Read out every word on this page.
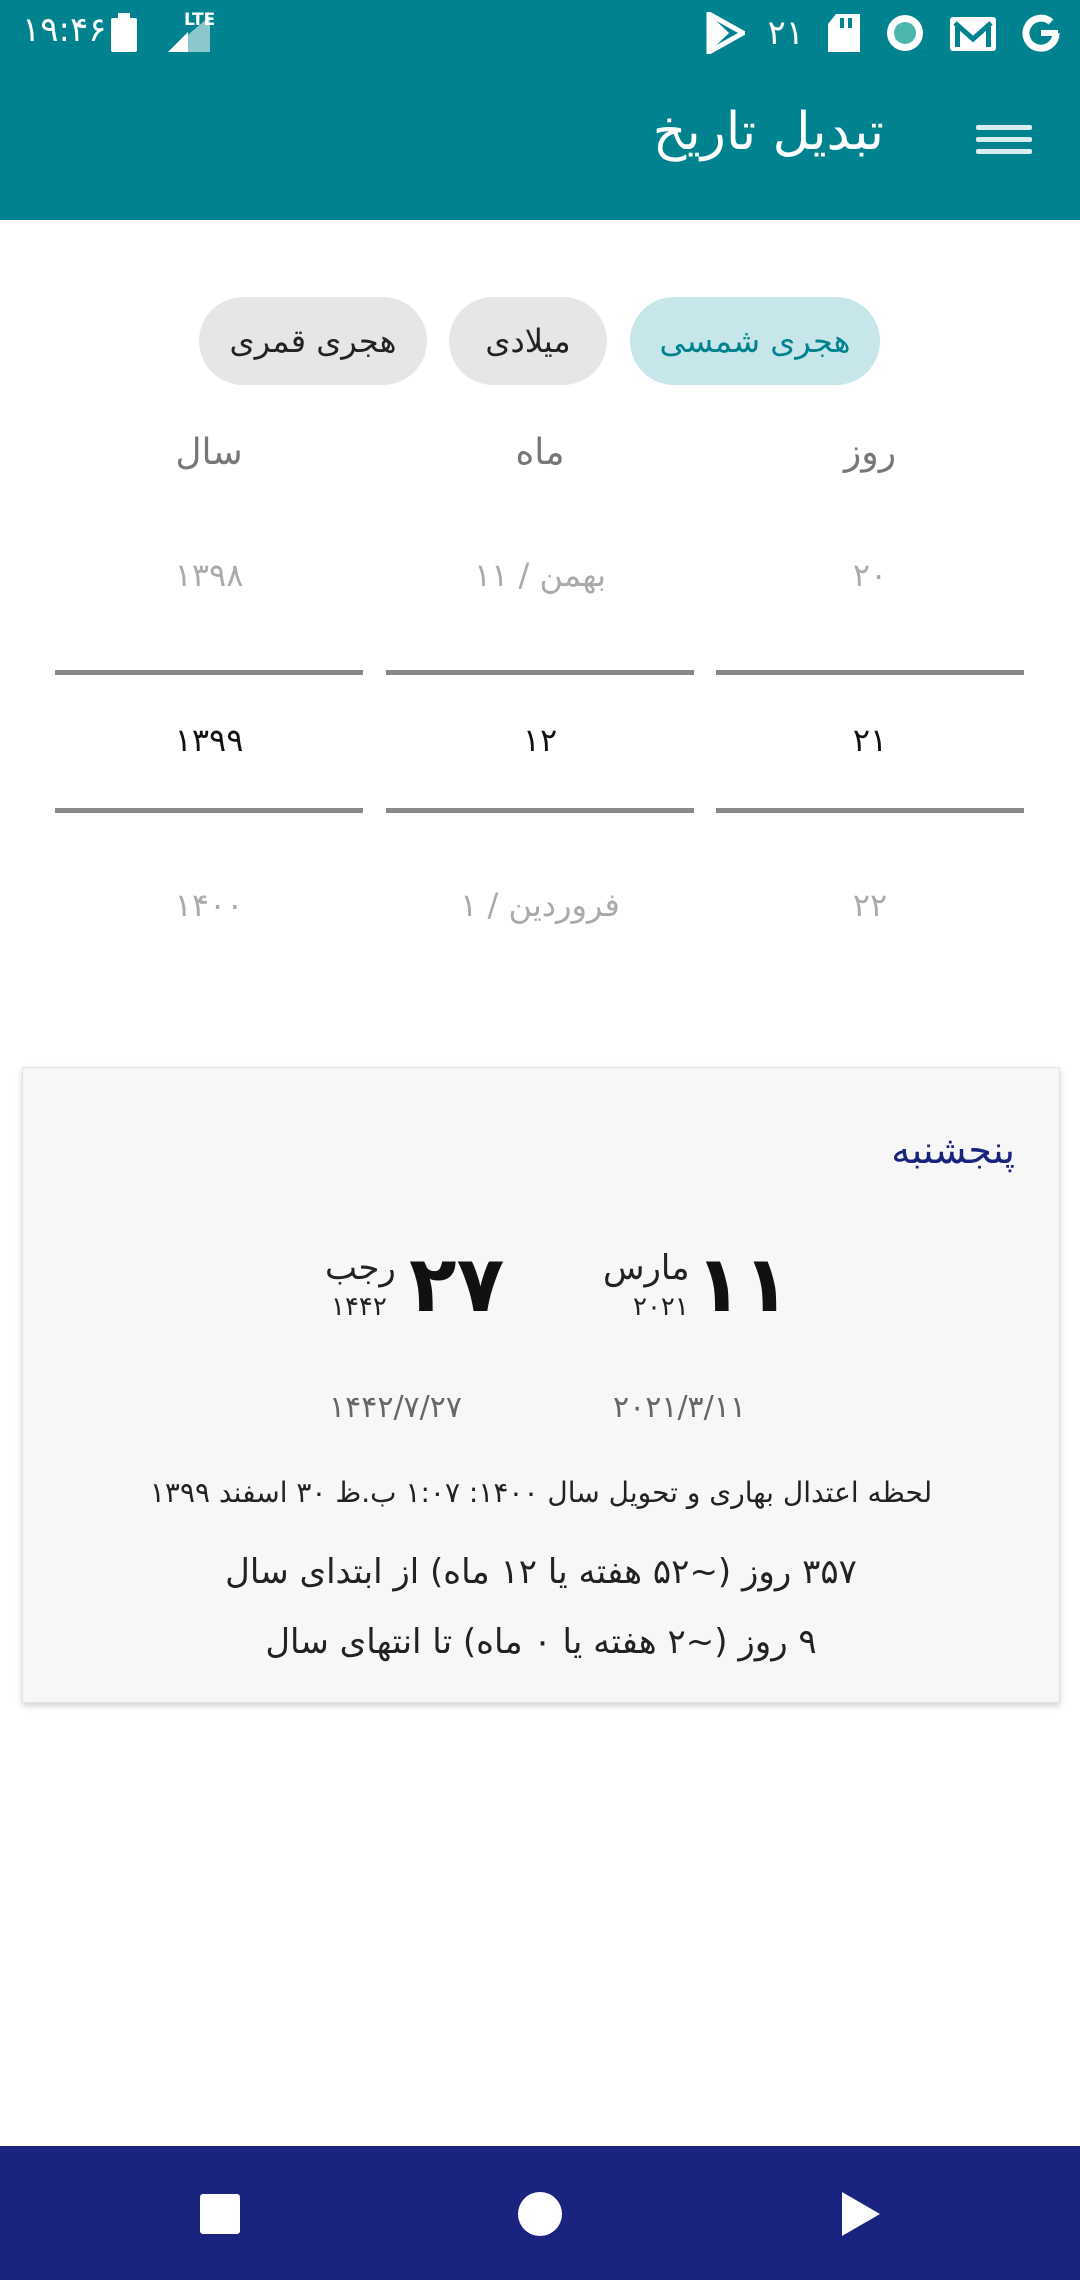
۱۹:۴۶	LTE	۲۱
تبدیل تاریخ
هجری شمسی
میلادی
هجری قمری
روز
ماه
سال
۲۰
۲۱
۲۲
بهمن / ۱۱
۱۲
فروردین / ۱
۱۳۹۸
۱۳۹۹
۱۴۰۰
پنجشنبه
۱۱
مارس
۲۰۲۱
۲۰۲۱/۳/۱۱
۲۷
رجب
۱۴۴۲
۱۴۴۲/۷/۲۷
لحظه اعتدال بهاری و تحویل سال ۱۴۰۰: ۱:۰۷ ب.ظ ۳۰ اسفند ۱۳۹۹
۳۵۷ روز (~۵۲ هفته یا ۱۲ ماه) از ابتدای سال
۹ روز (~۲ هفته یا ۰ ماه) تا انتهای سال
